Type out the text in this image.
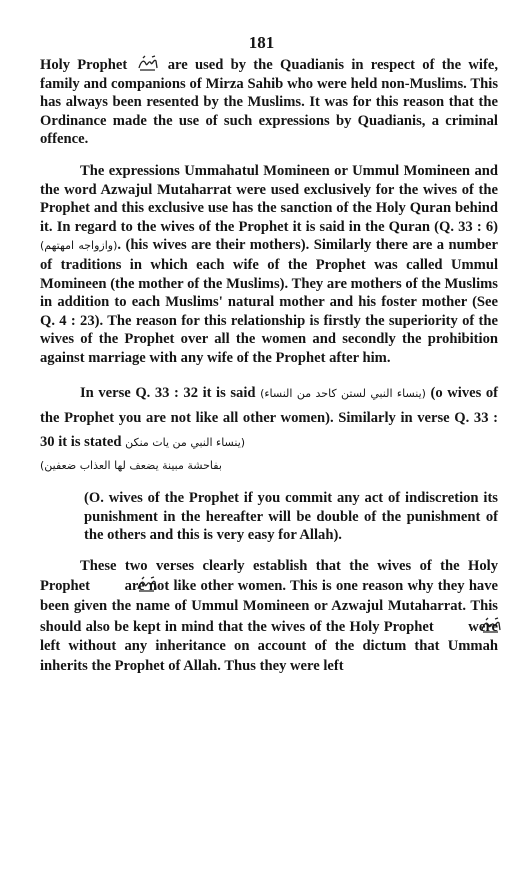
181

Holy Prophet	are used by the Quadianis in respect of the wife, family and companions of Mirza Sahib who were held non-Muslims. This has always been resented by the Muslims. It was for this reason that the Ordinance made the use of such expressions by Quadianis, a criminal offence.

The expressions Ummahatul Momineen or Ummul Momineen and the word Azwajul Mutaharrat were used exclusively for the wives of the Prophet and this exclusive use has the sanction of the Holy Quran behind it. In regard to the wives of the Prophet it is said in the Quran (Q. 33 : 6) (وازواجه امهتهم). (his wives are their mothers). Similarly there are a number of traditions in which each wife of the Prophet was called Ummul Momineen (the mother of the Muslims). They are mothers of the Muslims in addition to each Muslims' natural mother and his foster mother (See Q. 4 : 23). The reason for this relationship is firstly the superiority of the wives of the Prophet over all the women and secondly the prohibition against marriage with any wife of the Prophet after him.

In verse Q. 33 : 32 it is said (ينساء النبي لستن كاحد من النساء) (o wives of the Prophet you are not like all other women). Similarly in verse Q. 33 : 30 it is stated (ينساء النبي من يات منكن

بفاحشة مبينة يضعف لها العذاب ضعفين)

(O. wives of the Prophet if you commit any act of indiscretion its punishment in the hereafter will be double of the punishment of the others and this is very easy for Allah).

These two verses clearly establish that the wives of the Holy Prophet are not like other women. This is one reason why they have been given the name of Ummul Momineen or Azwajul Mutaharrat. This should also be kept in mind that the wives of the Holy Prophet were left without any inheritance on account of the dictum that Ummah inherits the Prophet of Allah. Thus they were left
